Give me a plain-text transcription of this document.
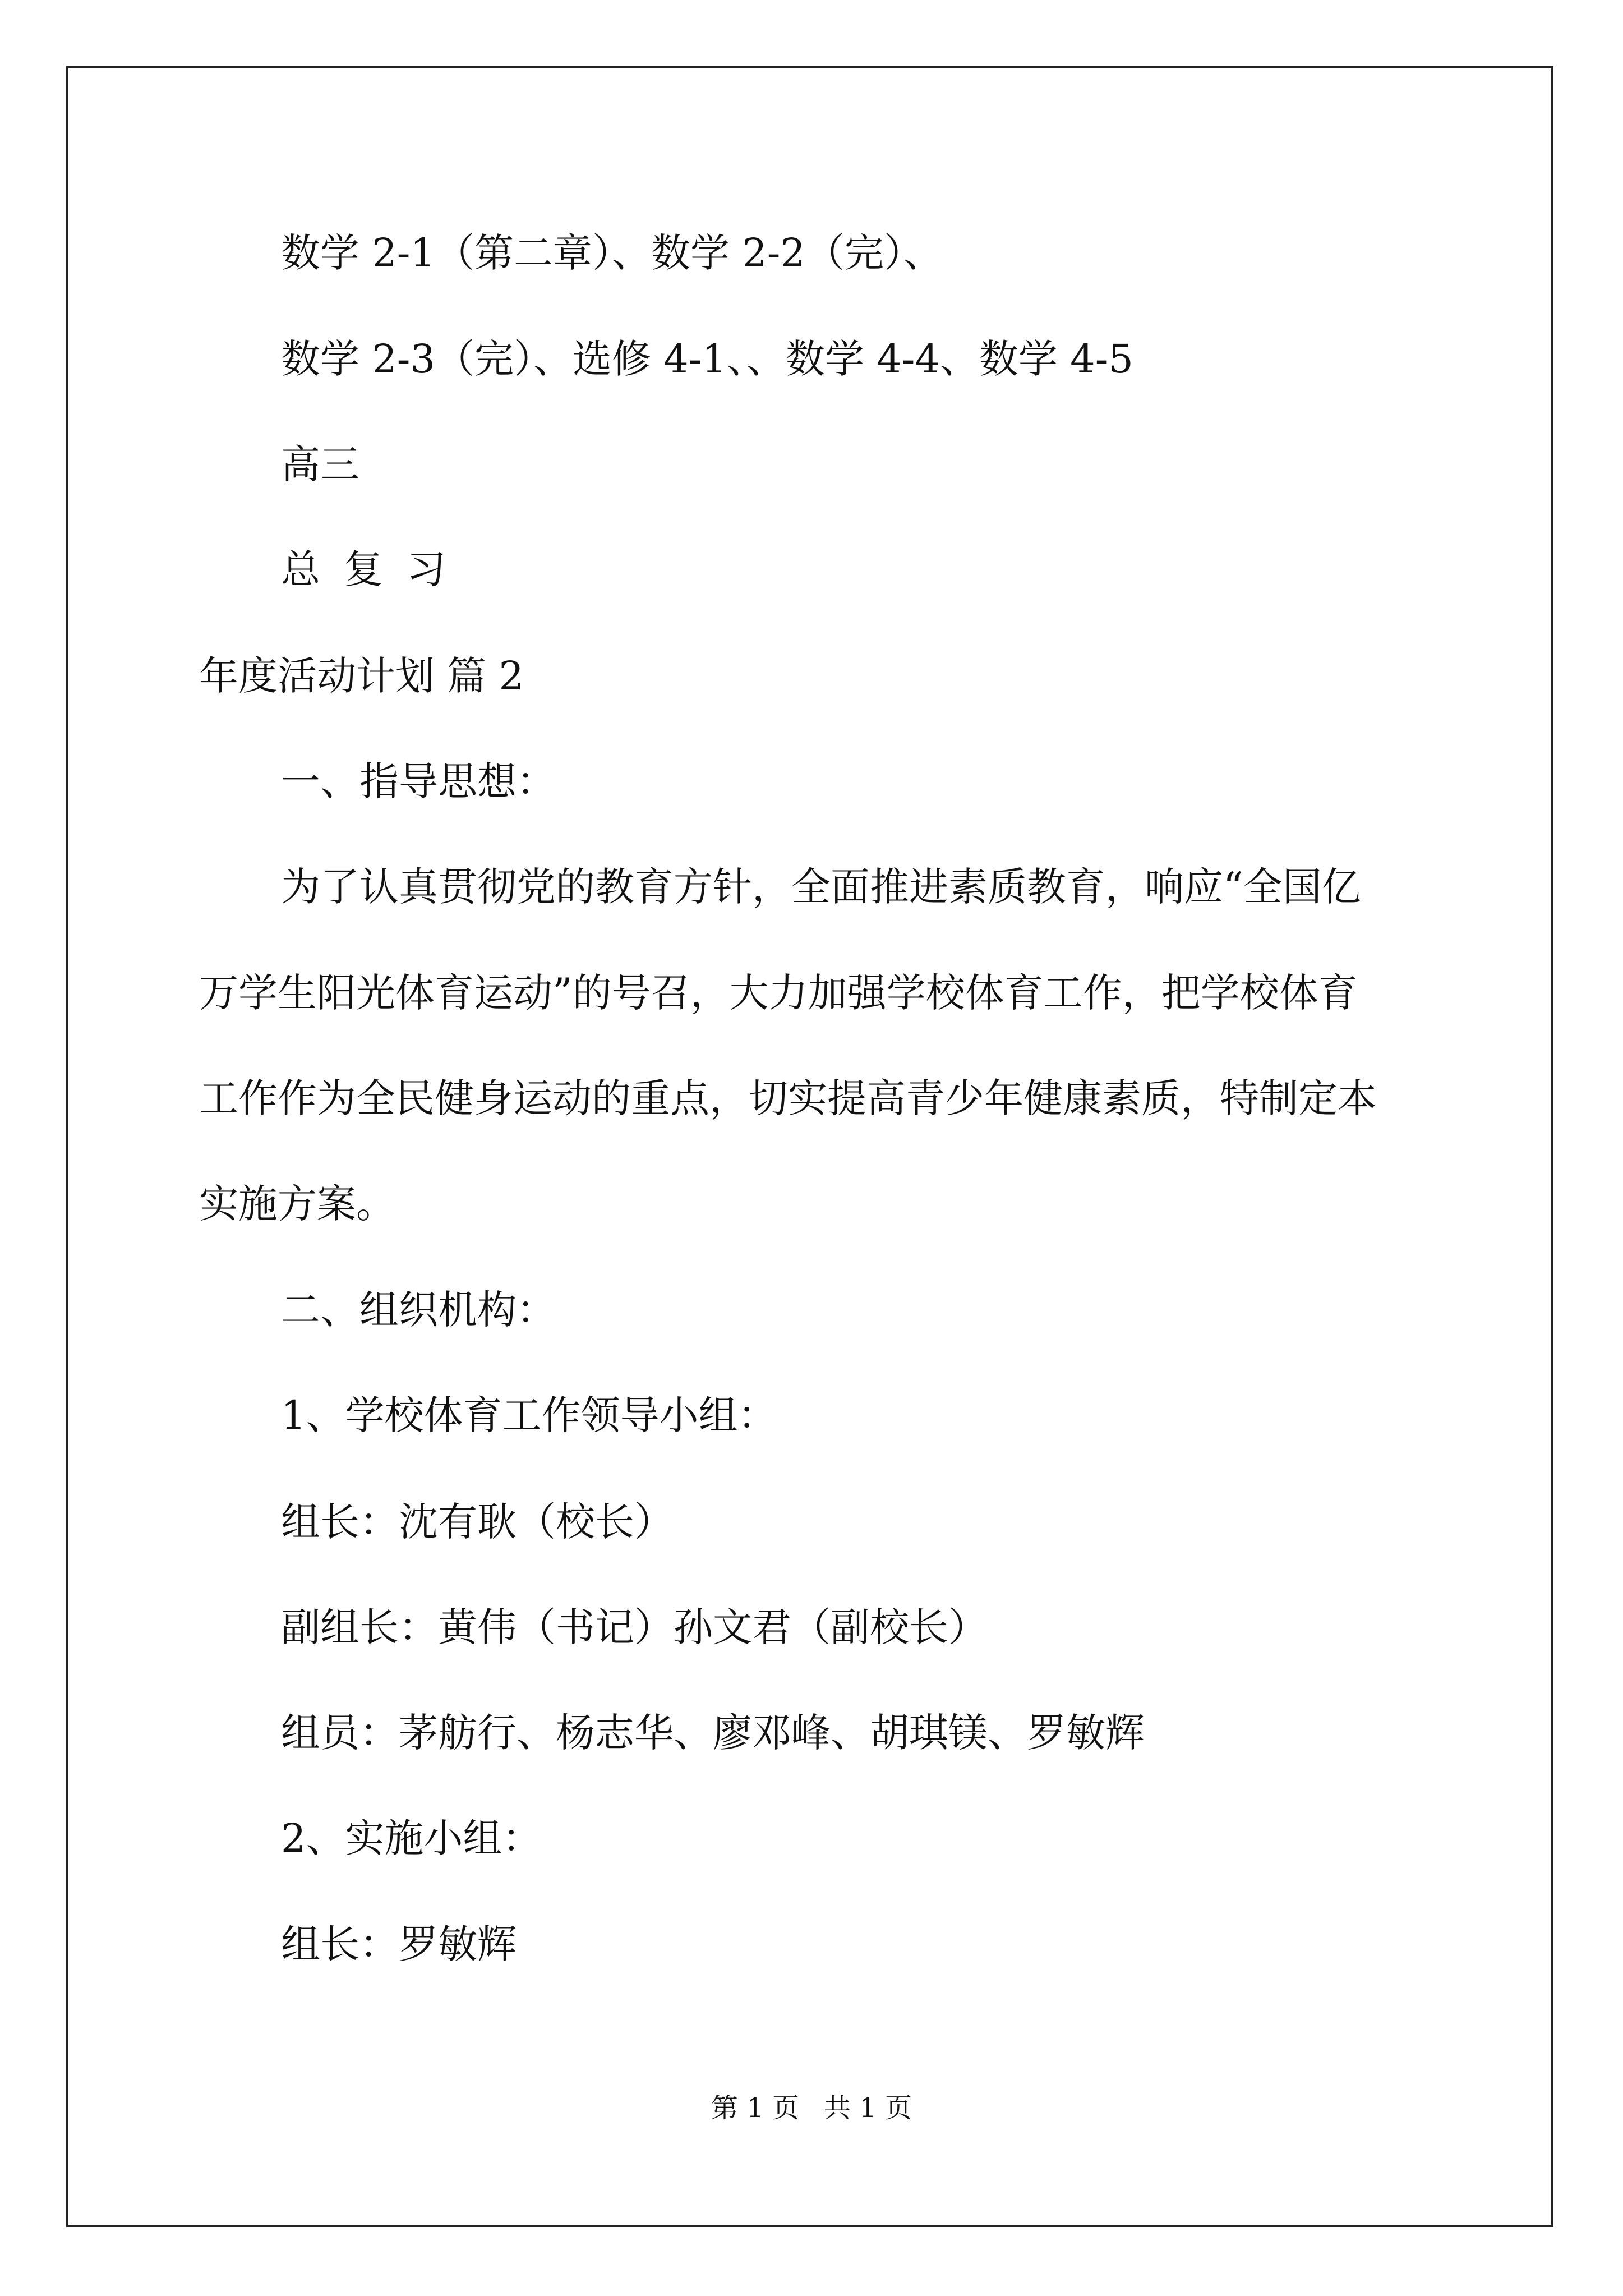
数学 2-1（第二章）、数学 2-2（完）、
数学 2-3（完）、选修 4-1、、数学 4-4、数学 4-5
高三
总复习
年度活动计划 篇 2
一、指导思想：
为了认真贯彻党的教育方针，全面推进素质教育，响应“全国亿
万学生阳光体育运动”的号召，大力加强学校体育工作，把学校体育
工作作为全民健身运动的重点，切实提高青少年健康素质，特制定本
实施方案。
二、组织机构：
1、学校体育工作领导小组：
组长：沈有耿（校长）
副组长：黄伟（书记）孙文君（副校长）
组员：茅舫行、杨志华、廖邓峰、胡琪镁、罗敏辉
2、实施小组：
组长：罗敏辉
第 1 页 共 1 页
